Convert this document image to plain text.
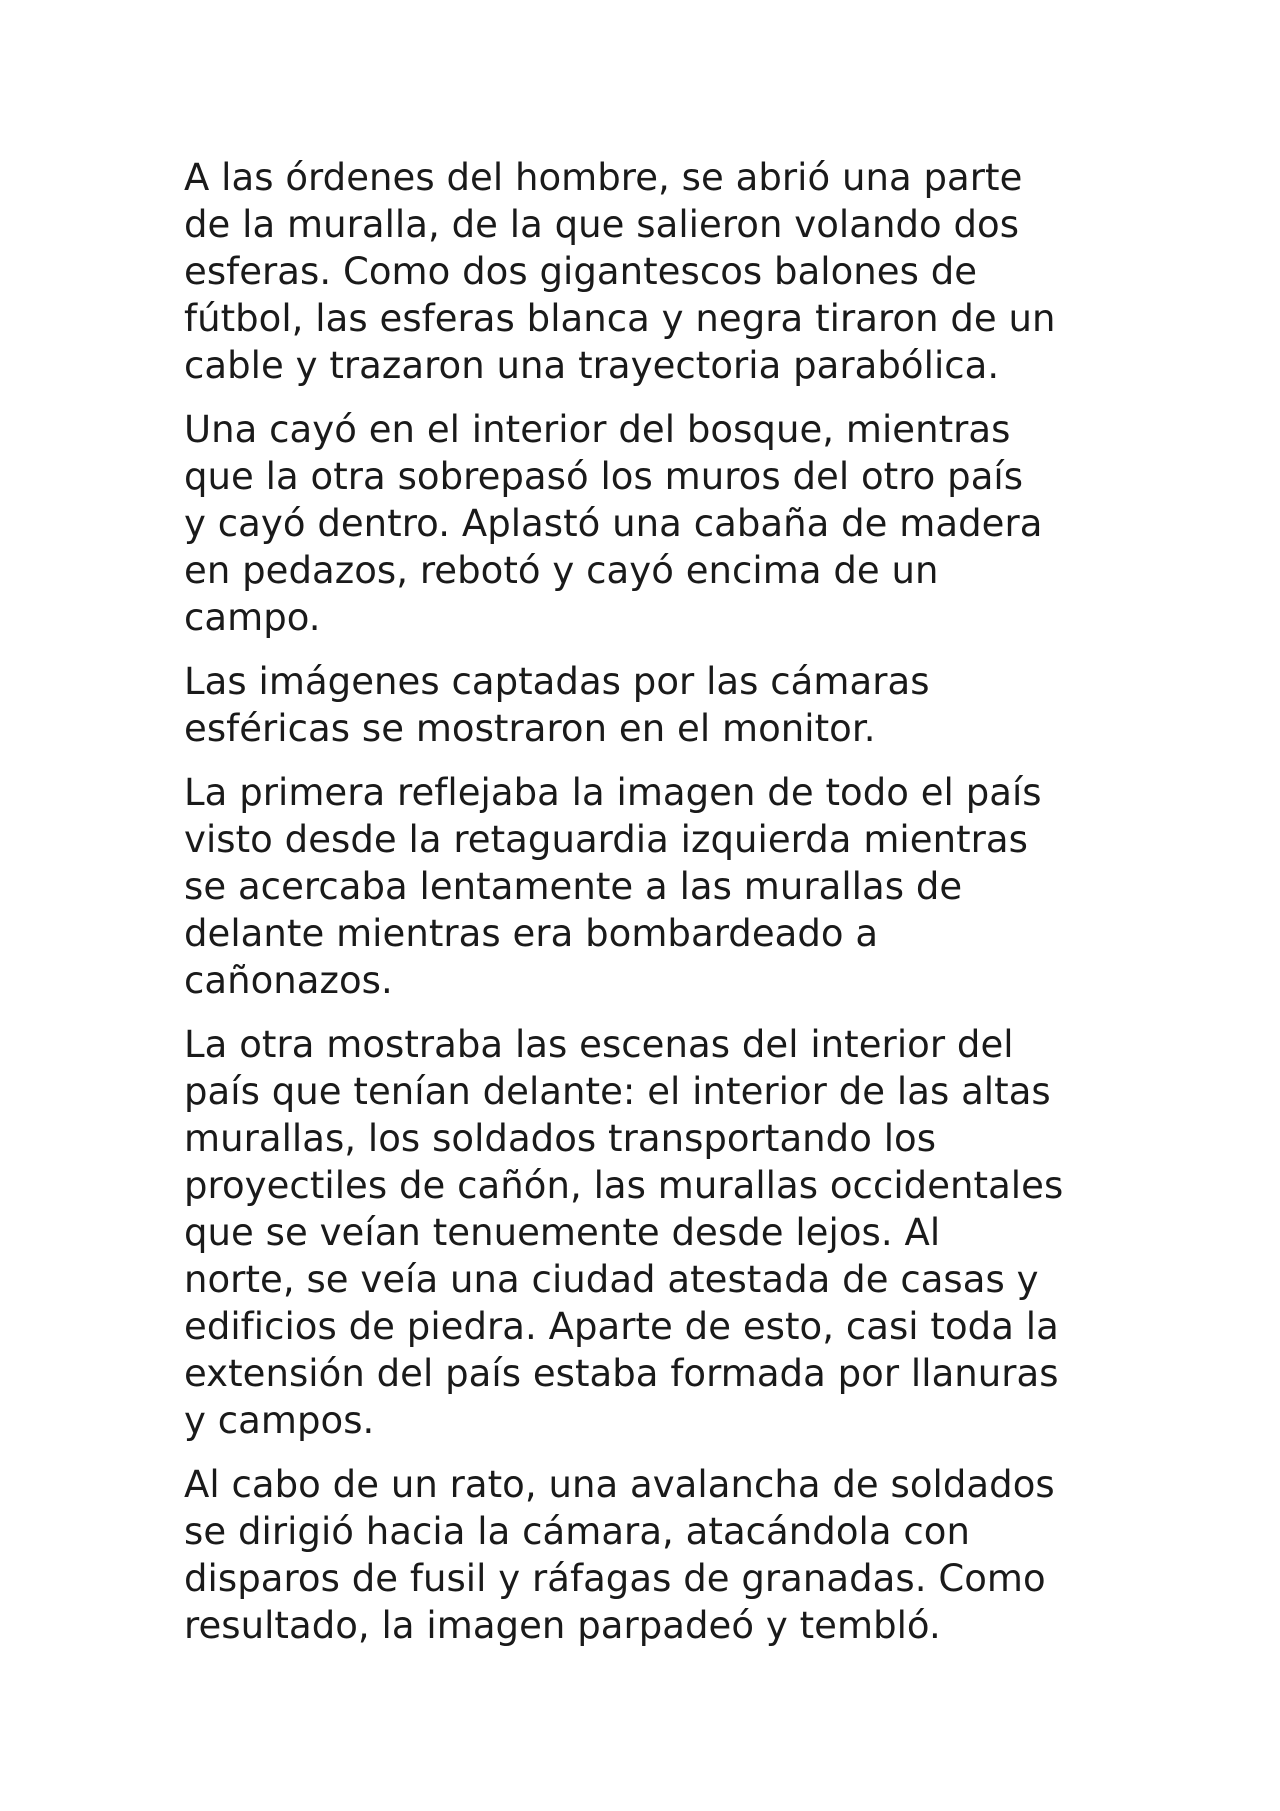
A las órdenes del hombre, se abrió una parte
de la muralla, de la que salieron volando dos
esferas. Como dos gigantescos balones de
fútbol, las esferas blanca y negra tiraron de un
cable y trazaron una trayectoria parabólica.

Una cayó en el interior del bosque, mientras
que la otra sobrepasó los muros del otro país
y cayó dentro. Aplastó una cabaña de madera
en pedazos, rebotó y cayó encima de un
campo.

Las imágenes captadas por las cámaras
esféricas se mostraron en el monitor.

La primera reflejaba la imagen de todo el país
visto desde la retaguardia izquierda mientras
se acercaba lentamente a las murallas de
delante mientras era bombardeado a
cañonazos.

La otra mostraba las escenas del interior del
país que tenían delante: el interior de las altas
murallas, los soldados transportando los
proyectiles de cañón, las murallas occidentales
que se veían tenuemente desde lejos. Al
norte, se veía una ciudad atestada de casas y
edificios de piedra. Aparte de esto, casi toda la
extensión del país estaba formada por llanuras
y campos.

Al cabo de un rato, una avalancha de soldados
se dirigió hacia la cámara, atacándola con
disparos de fusil y ráfagas de granadas. Como
resultado, la imagen parpadeó y tembló.
